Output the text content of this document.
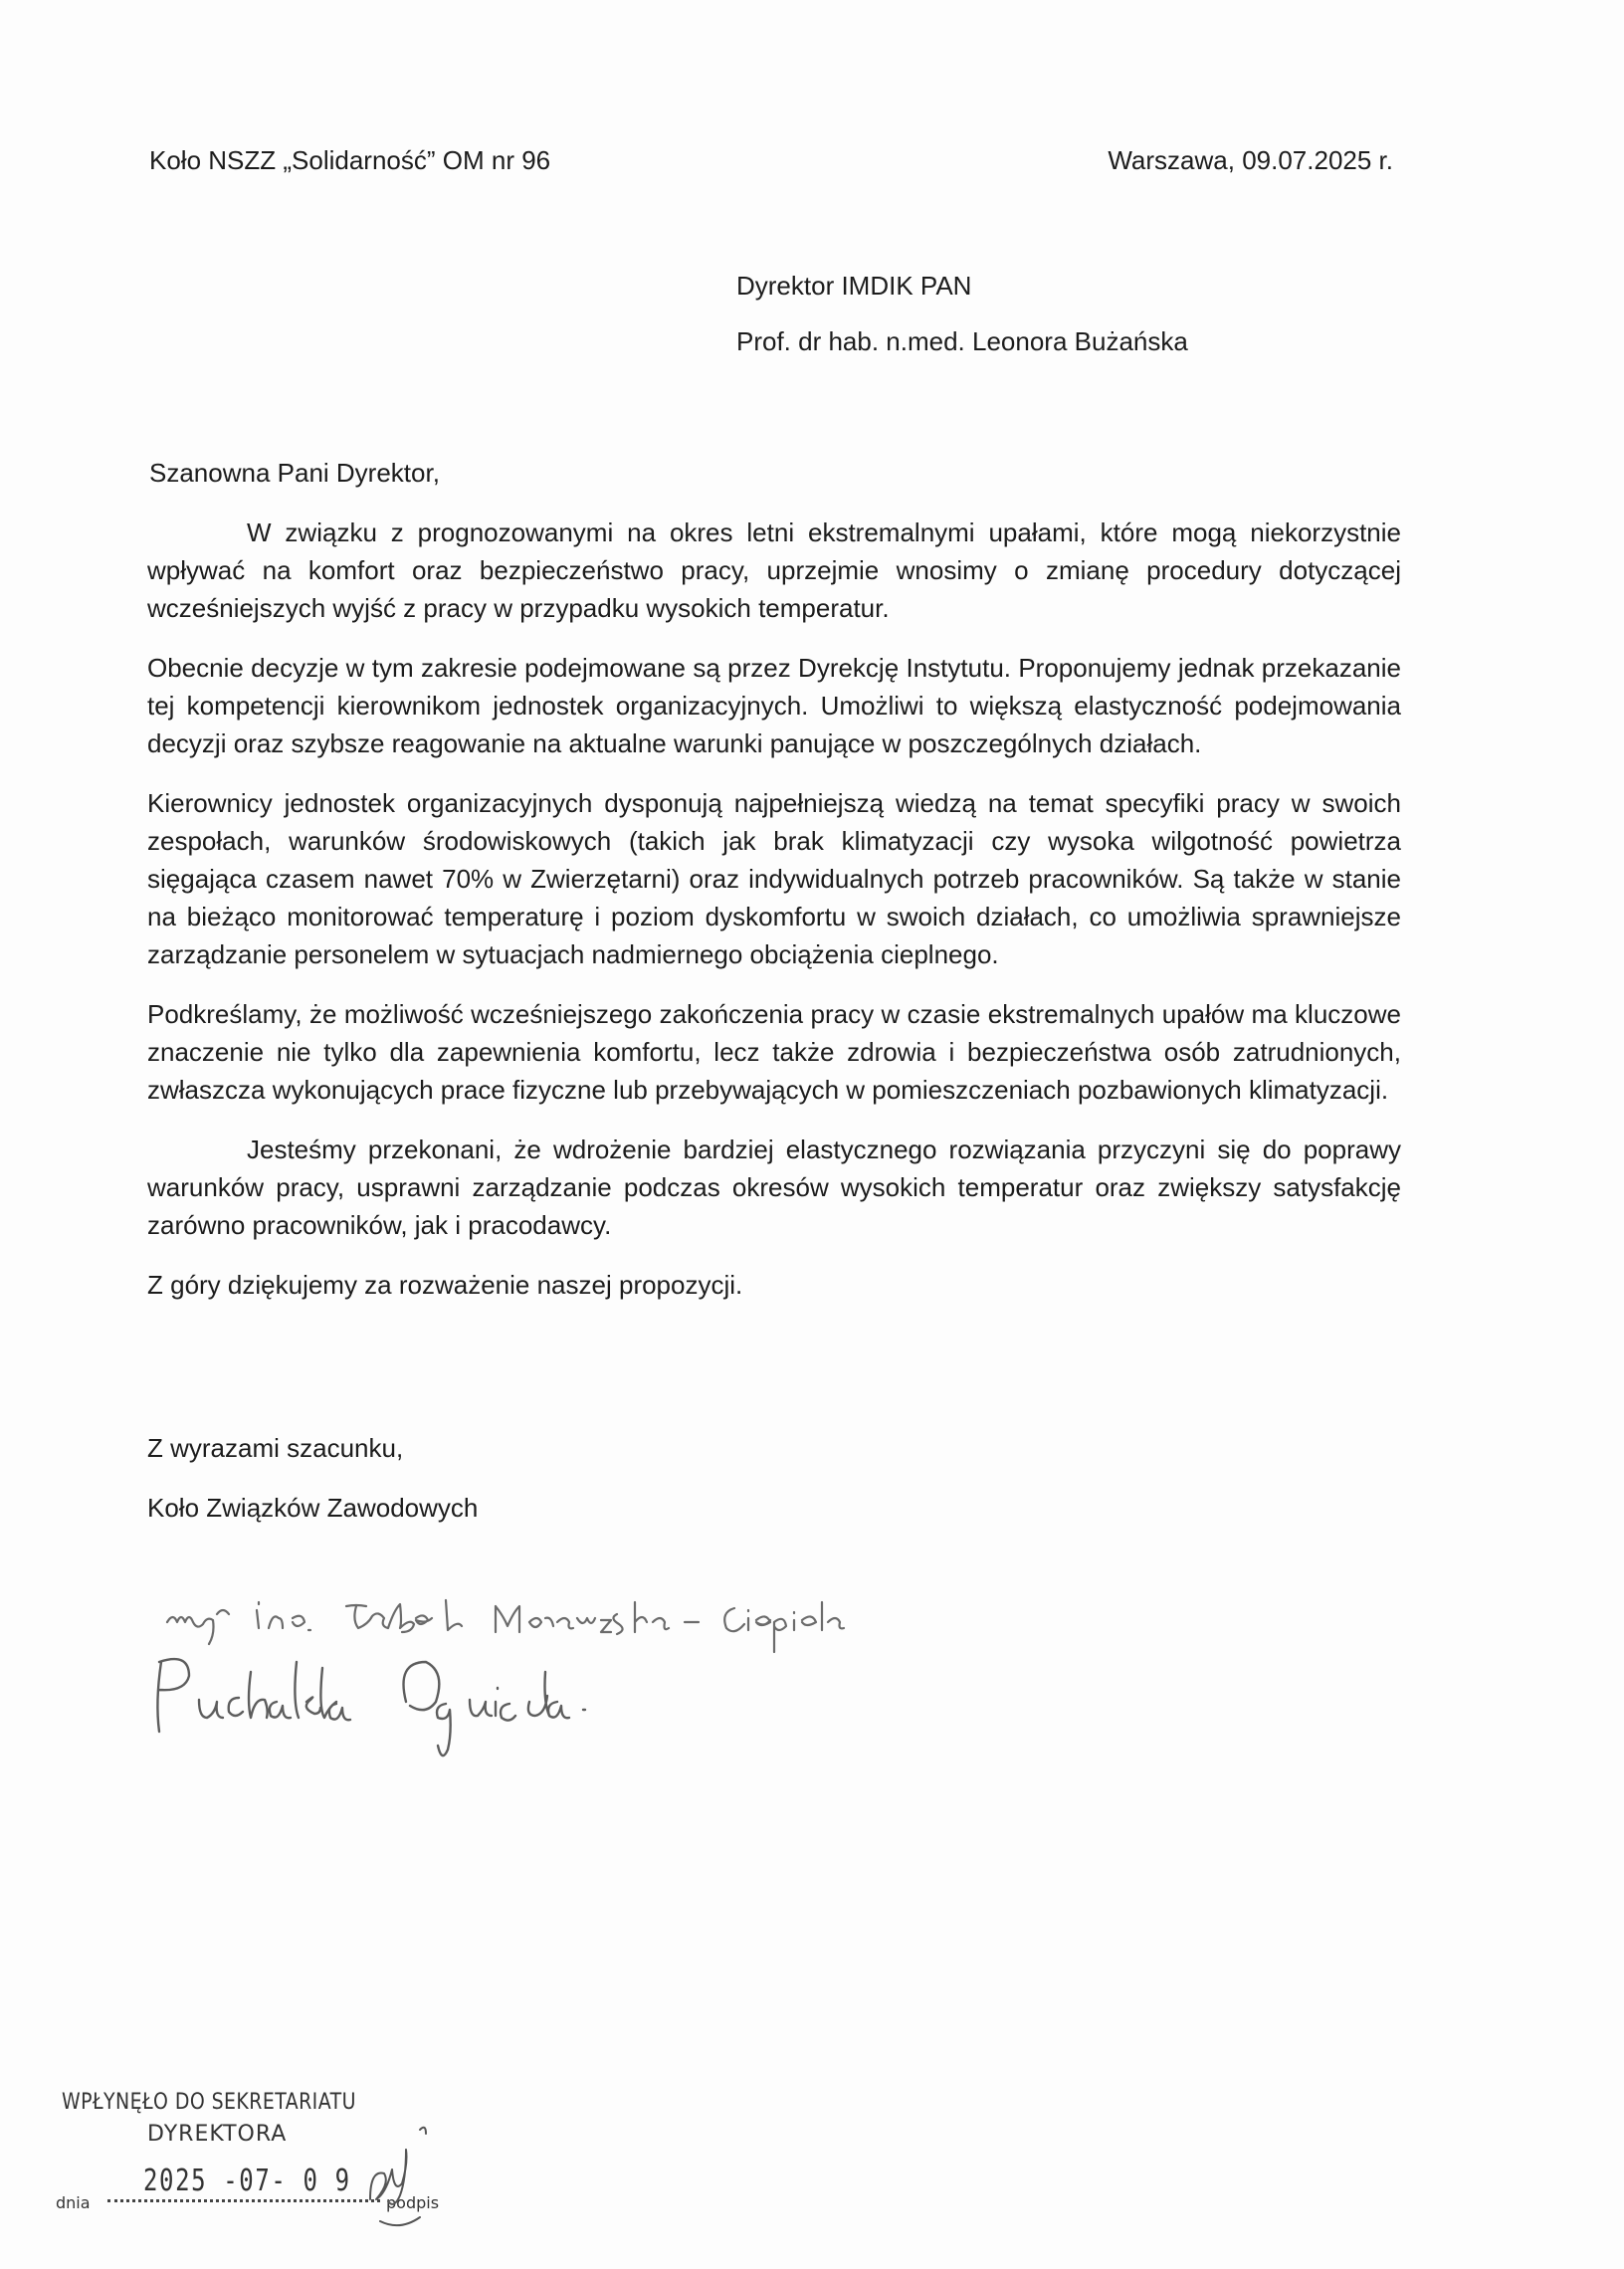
Koło NSZZ „Solidarność” OM nr 96	Warszawa, 09.07.2025 r.
Dyrektor IMDIK PAN
Prof. dr hab. n.med. Leonora Bużańska
Szanowna Pani Dyrektor,

W związku z prognozowanymi na okres letni ekstremalnymi upałami, które mogą niekorzystnie wpływać na komfort oraz bezpieczeństwo pracy, uprzejmie wnosimy o zmianę procedury dotyczącej wcześniejszych wyjść z pracy w przypadku wysokich temperatur.

Obecnie decyzje w tym zakresie podejmowane są przez Dyrekcję Instytutu. Proponujemy jednak przekazanie tej kompetencji kierownikom jednostek organizacyjnych. Umożliwi to większą elastyczność podejmowania decyzji oraz szybsze reagowanie na aktualne warunki panujące w poszczególnych działach.

Kierownicy jednostek organizacyjnych dysponują najpełniejszą wiedzą na temat specyfiki pracy w swoich zespołach, warunków środowiskowych (takich jak brak klimatyzacji czy wysoka wilgotność powietrza sięgająca czasem nawet 70% w Zwierzętarni) oraz indywidualnych potrzeb pracowników. Są także w stanie na bieżąco monitorować temperaturę i poziom dyskomfortu w swoich działach, co umożliwia sprawniejsze zarządzanie personelem w sytuacjach nadmiernego obciążenia cieplnego.

Podkreślamy, że możliwość wcześniejszego zakończenia pracy w czasie ekstremalnych upałów ma kluczowe znaczenie nie tylko dla zapewnienia komfortu, lecz także zdrowia i bezpieczeństwa osób zatrudnionych, zwłaszcza wykonujących prace fizyczne lub przebywających w pomieszczeniach pozbawionych klimatyzacji.

Jesteśmy przekonani, że wdrożenie bardziej elastycznego rozwiązania przyczyni się do poprawy warunków pracy, usprawni zarządzanie podczas okresów wysokich temperatur oraz zwiększy satysfakcję zarówno pracowników, jak i pracodawcy.

Z góry dziękujemy za rozważenie naszej propozycji.

Z wyrazami szacunku,
Koło Związków Zawodowych
WPŁYNĘŁO DO SEKRETARIATU
DYREKTORA
2025 -07- 0 9
dnia	podpis
